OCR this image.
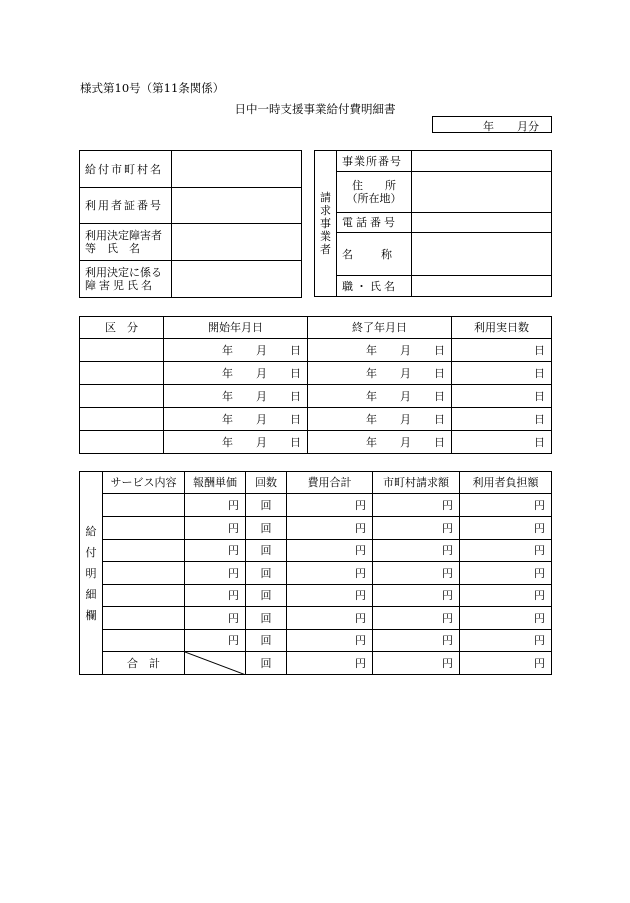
様式第10号（第11条関係）
日中一時支援事業給付費明細書
年 月分
給付市町村名	
利用者証番号	

利用決定障害者
等　氏　名	

利用決定に係る
障害児氏名	

請
求
事
業
者	事業所番号	

	住　　所
（所在地）	

	電話番号	
	名　　称	
	職・氏名	
区　分	開始年月日	終了年月日	利用実日数

	年 月 日	年 月 日	日

	年 月 日	年 月 日	日

	年 月 日	年 月 日	日

	年 月 日	年 月 日	日

	年 月 日	年 月 日	日
給
付
明
細
欄	サービス内容	報酬単価	回数	費用合計	市町村請求額	利用者負担額
		円	回	円	円	円
		円	回	円	円	円
		円	回	円	円	円
		円	回	円	円	円
		円	回	円	円	円
		円	回	円	円	円
		円	回	円	円	円
	合　計		回	円	円	円
